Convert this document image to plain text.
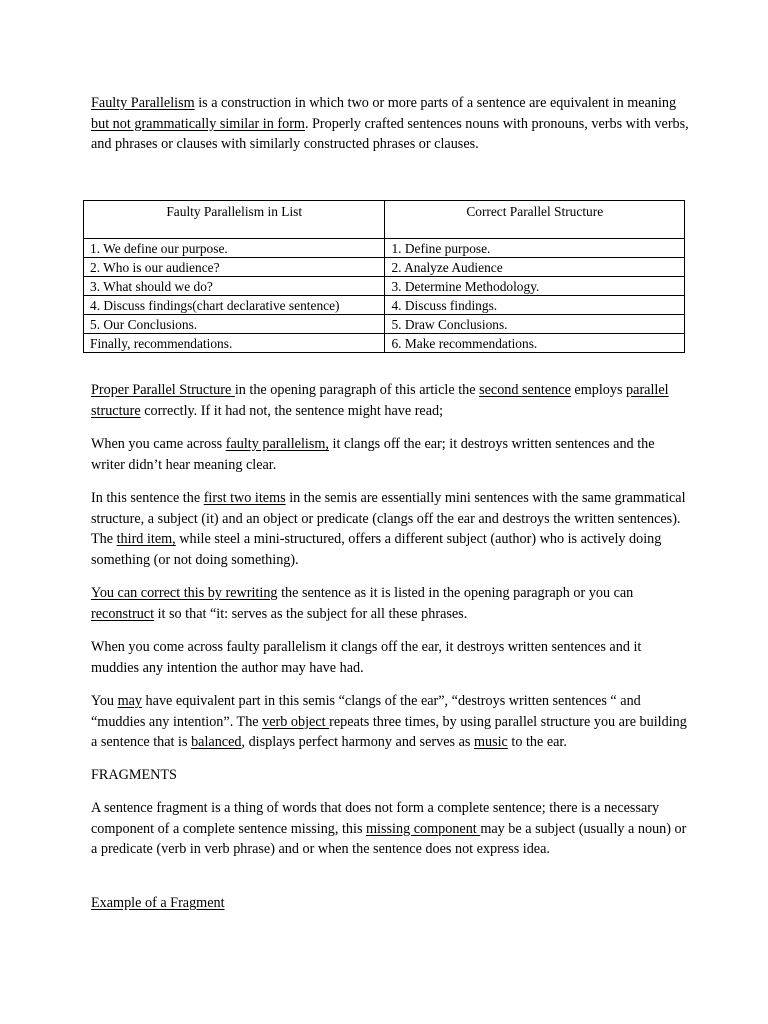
Faulty Parallelism is a construction in which two or more parts of a sentence are equivalent in meaning but not grammatically similar in form. Properly crafted sentences nouns with pronouns, verbs with verbs, and phrases or clauses with similarly constructed phrases or clauses.

Faulty Parallelism in List	Correct Parallel Structure
1. We define our purpose.	1. Define purpose.
2. Who is our audience?	2. Analyze Audience
3. What should we do?	3. Determine Methodology.
4. Discuss findings(chart declarative sentence)	4. Discuss findings.
5. Our Conclusions.	5. Draw Conclusions.
Finally, recommendations.	6. Make recommendations.

Proper Parallel Structure in the opening paragraph of this article the second sentence employs parallel structure correctly. If it had not, the sentence might have read;

When you came across faulty parallelism, it clangs off the ear; it destroys written sentences and the writer didn’t hear meaning clear.

In this sentence the first two items in the semis are essentially mini sentences with the same grammatical structure, a subject (it) and an object or predicate (clangs off the ear and destroys the written sentences). The third item, while steel a mini-structured, offers a different subject (author) who is actively doing something (or not doing something).

You can correct this by rewriting the sentence as it is listed in the opening paragraph or you can reconstruct it so that “it: serves as the subject for all these phrases.

When you come across faulty parallelism it clangs off the ear, it destroys written sentences and it muddies any intention the author may have had.

You may have equivalent part in this semis “clangs of the ear”, “destroys written sentences “ and “muddies any intention”. The verb object repeats three times, by using parallel structure you are building a sentence that is balanced, displays perfect harmony and serves as music to the ear.

FRAGMENTS

A sentence fragment is a thing of words that does not form a complete sentence; there is a necessary component of a complete sentence missing, this missing component may be a subject (usually a noun) or a predicate (verb in verb phrase) and or when the sentence does not express idea.

Example of a Fragment
